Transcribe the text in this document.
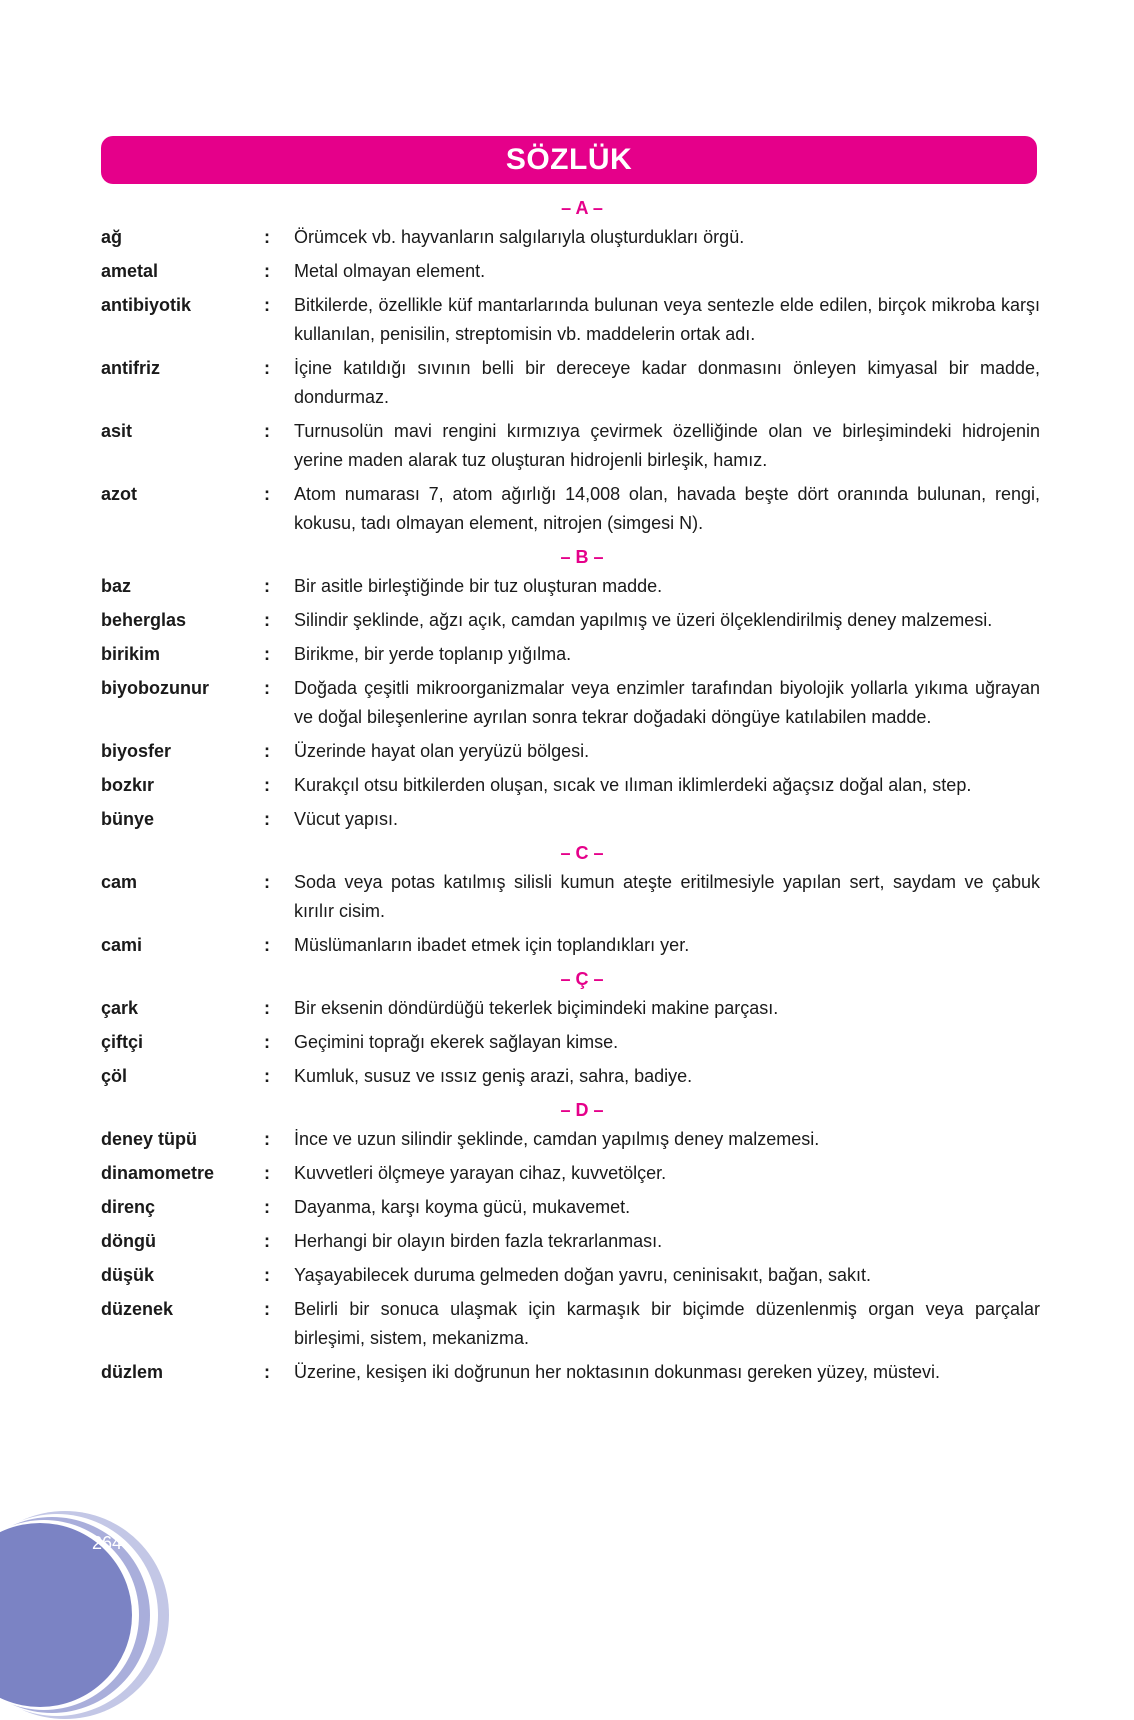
SÖZLÜK
– A –
ağ	:	Örümcek vb. hayvanların salgılarıyla oluşturdukları örgü.
ametal	:	Metal olmayan element.
antibiyotik	:	Bitkilerde, özellikle küf mantarlarında bulunan veya sentezle elde edilen, birçok mikroba karşı kullanılan, penisilin, streptomisin vb. maddelerin ortak adı.
antifriz	:	İçine katıldığı sıvının belli bir dereceye kadar donmasını önleyen kimyasal bir madde, dondurmaz.
asit	:	Turnusolün mavi rengini kırmızıya çevirmek özelliğinde olan ve birleşimindeki hidrojenin yerine maden alarak tuz oluşturan hidrojenli birleşik, hamız.
azot	:	Atom numarası 7, atom ağırlığı 14,008 olan, havada beşte dört oranında bulunan, rengi, kokusu, tadı olmayan element, nitrojen (simgesi N).
– B –
baz	:	Bir asitle birleştiğinde bir tuz oluşturan madde.
beherglas	:	Silindir şeklinde, ağzı açık, camdan yapılmış ve üzeri ölçeklendirilmiş deney malzemesi.
birikim	:	Birikme, bir yerde toplanıp yığılma.
biyobozunur	:	Doğada çeşitli mikroorganizmalar veya enzimler tarafından biyolojik yollarla yıkıma uğrayan ve doğal bileşenlerine ayrılan sonra tekrar doğadaki döngüye katılabilen madde.
biyosfer	:	Üzerinde hayat olan yeryüzü bölgesi.
bozkır	:	Kurakçıl otsu bitkilerden oluşan, sıcak ve ılıman iklimlerdeki ağaçsız doğal alan, step.
bünye	:	Vücut yapısı.
– C –
cam	:	Soda veya potas katılmış silisli kumun ateşte eritilmesiyle yapılan sert, saydam ve çabuk kırılır cisim.
cami	:	Müslümanların ibadet etmek için toplandıkları yer.
– Ç –
çark	:	Bir eksenin döndürdüğü tekerlek biçimindeki makine parçası.
çiftçi	:	Geçimini toprağı ekerek sağlayan kimse.
çöl	:	Kumluk, susuz ve ıssız geniş arazi, sahra, badiye.
– D –
deney tüpü	:	İnce ve uzun silindir şeklinde, camdan yapılmış deney malzemesi.
dinamometre	:	Kuvvetleri ölçmeye yarayan cihaz, kuvvetölçer.
direnç	:	Dayanma, karşı koyma gücü, mukavemet.
döngü	:	Herhangi bir olayın birden fazla tekrarlanması.
düşük	:	Yaşayabilecek duruma gelmeden doğan yavru, ceninisakıt, bağan, sakıt.
düzenek	:	Belirli bir sonuca ulaşmak için karmaşık bir biçimde düzenlenmiş organ veya parçalar birleşimi, sistem, mekanizma.
düzlem	:	Üzerine, kesişen iki doğrunun her noktasının dokunması gereken yüzey, müstevi.
264
